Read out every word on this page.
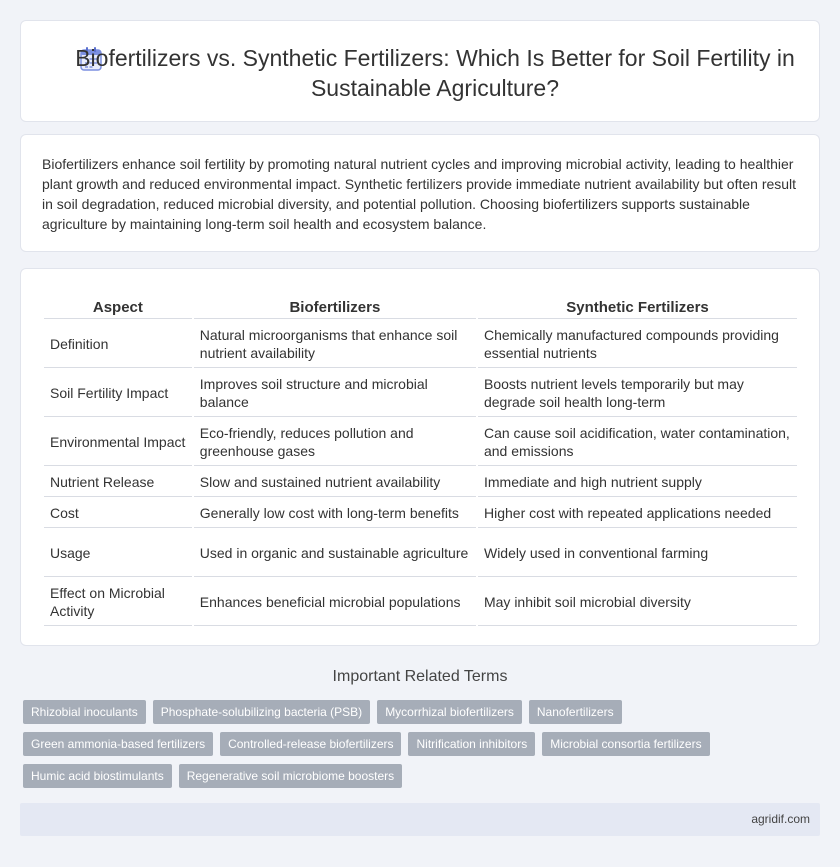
Biofertilizers vs. Synthetic Fertilizers: Which Is Better for Soil Fertility in Sustainable Agriculture?

Biofertilizers enhance soil fertility by promoting natural nutrient cycles and improving microbial activity, leading to healthier plant growth and reduced environmental impact. Synthetic fertilizers provide immediate nutrient availability but often result in soil degradation, reduced microbial diversity, and potential pollution. Choosing biofertilizers supports sustainable agriculture by maintaining long-term soil health and ecosystem balance.

Aspect	Biofertilizers	Synthetic Fertilizers
Definition	Natural microorganisms that enhance soil nutrient availability	Chemically manufactured compounds providing essential nutrients
Soil Fertility Impact	Improves soil structure and microbial balance	Boosts nutrient levels temporarily but may degrade soil health long-term
Environmental Impact	Eco-friendly, reduces pollution and greenhouse gases	Can cause soil acidification, water contamination, and emissions
Nutrient Release	Slow and sustained nutrient availability	Immediate and high nutrient supply
Cost	Generally low cost with long-term benefits	Higher cost with repeated applications needed
Usage	Used in organic and sustainable agriculture	Widely used in conventional farming
Effect on Microbial Activity	Enhances beneficial microbial populations	May inhibit soil microbial diversity
Important Related Terms
Rhizobial inoculants	Phosphate-solubilizing bacteria (PSB)	Mycorrhizal biofertilizers	Nanofertilizers
Green ammonia-based fertilizers	Controlled-release biofertilizers	Nitrification inhibitors	Microbial consortia fertilizers
Humic acid biostimulants	Regenerative soil microbiome boosters
agridif.com
